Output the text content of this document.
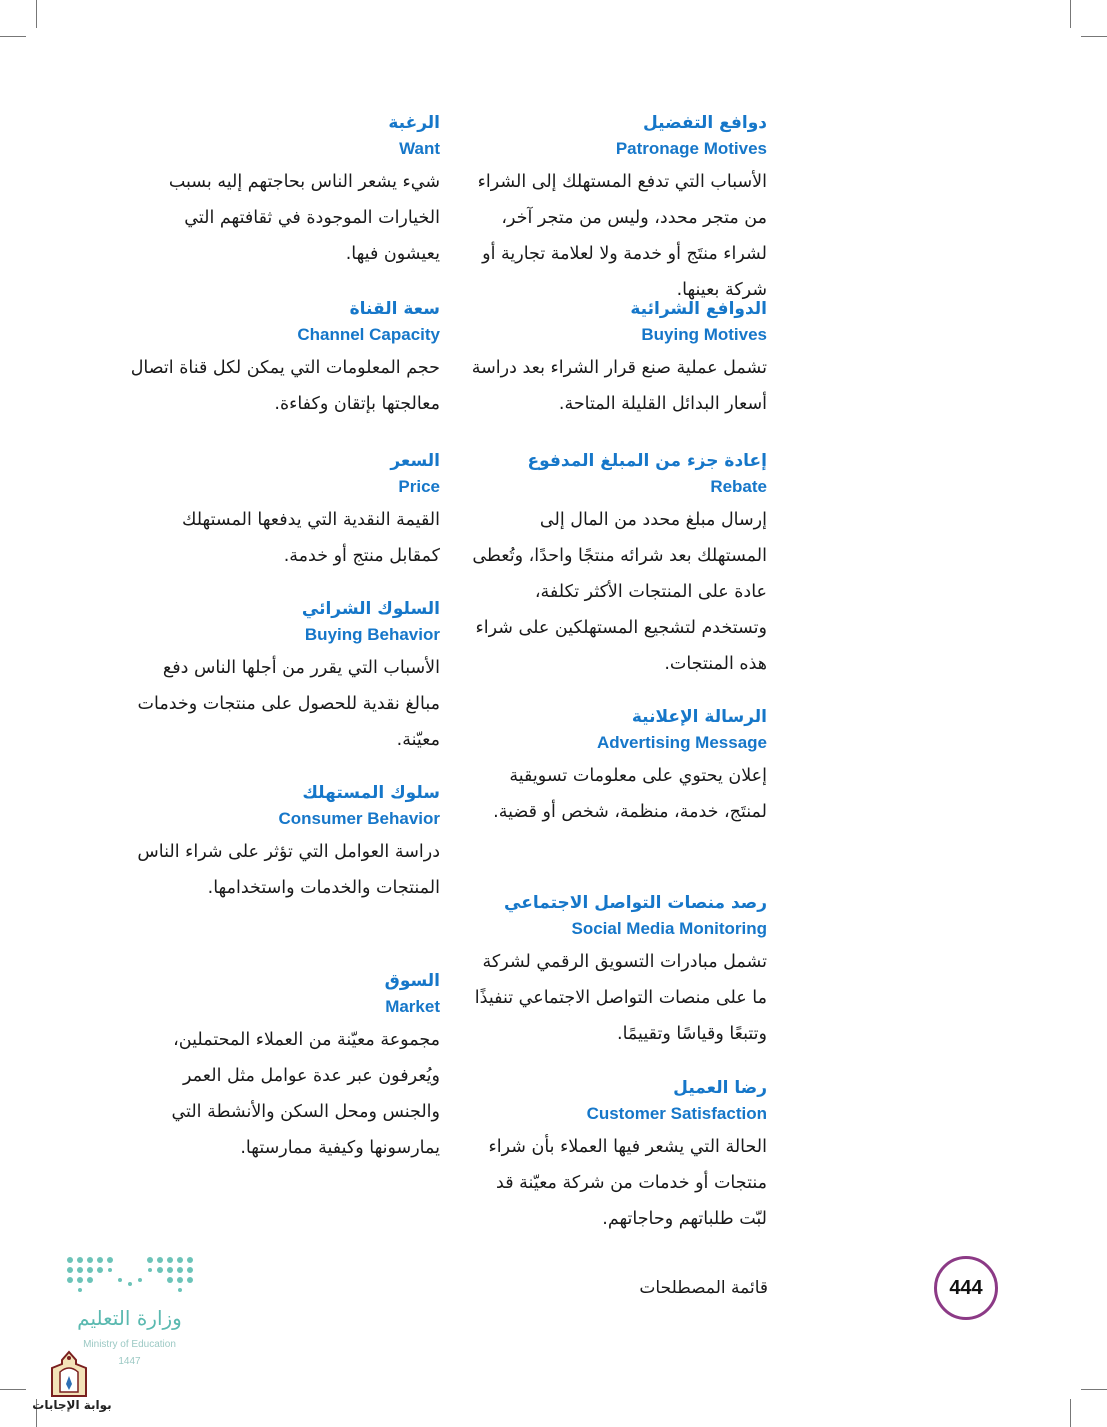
دوافع التفضيل
Patronage Motives
الأسباب التي تدفع المستهلك إلى الشراء من متجر محدد، وليس من متجر آخر، لشراء منتَج أو خدمة ولا لعلامة تجارية أو شركة بعينها.
الدوافع الشرائية
Buying Motives
تشمل عملية صنع قرار الشراء بعد دراسة أسعار البدائل القليلة المتاحة.
إعادة جزء من المبلغ المدفوع
Rebate
إرسال مبلغ محدد من المال إلى المستهلك بعد شرائه منتجًا واحدًا، وتُعطى عادة على المنتجات الأكثر تكلفة، وتستخدم لتشجيع المستهلكين على شراء هذه المنتجات.
الرسالة الإعلانية
Advertising Message
إعلان يحتوي على معلومات تسويقية لمنتَج، خدمة، منظمة، شخص أو قضية.
رصد منصات التواصل الاجتماعي
Social Media Monitoring
تشمل مبادرات التسويق الرقمي لشركة ما على منصات التواصل الاجتماعي تنفيذًا وتتبعًا وقياسًا وتقييمًا.
رضا العميل
Customer Satisfaction
الحالة التي يشعر فيها العملاء بأن شراء منتجات أو خدمات من شركة معيّنة قد لبّت طلباتهم وحاجاتهم.
الرغبة
Want
شيء يشعر الناس بحاجتهم إليه بسبب الخيارات الموجودة في ثقافتهم التي يعيشون فيها.
سعة القناة
Channel Capacity
حجم المعلومات التي يمكن لكل قناة اتصال معالجتها بإتقان وكفاءة.
السعر
Price
القيمة النقدية التي يدفعها المستهلك كمقابل منتج أو خدمة.
السلوك الشرائي
Buying Behavior
الأسباب التي يقرر من أجلها الناس دفع مبالغ نقدية للحصول على منتجات وخدمات معيّنة.
سلوك المستهلك
Consumer Behavior
دراسة العوامل التي تؤثر على شراء الناس المنتجات والخدمات واستخدامها.
السوق
Market
مجموعة معيّنة من العملاء المحتملين، ويُعرفون عبر عدة عوامل مثل العمر والجنس ومحل السكن والأنشطة التي يمارسونها وكيفية ممارستها.
قائمة المصطلحات	444
وزارة التعليم
Ministry of Education
1447
بوابة الإجابات
